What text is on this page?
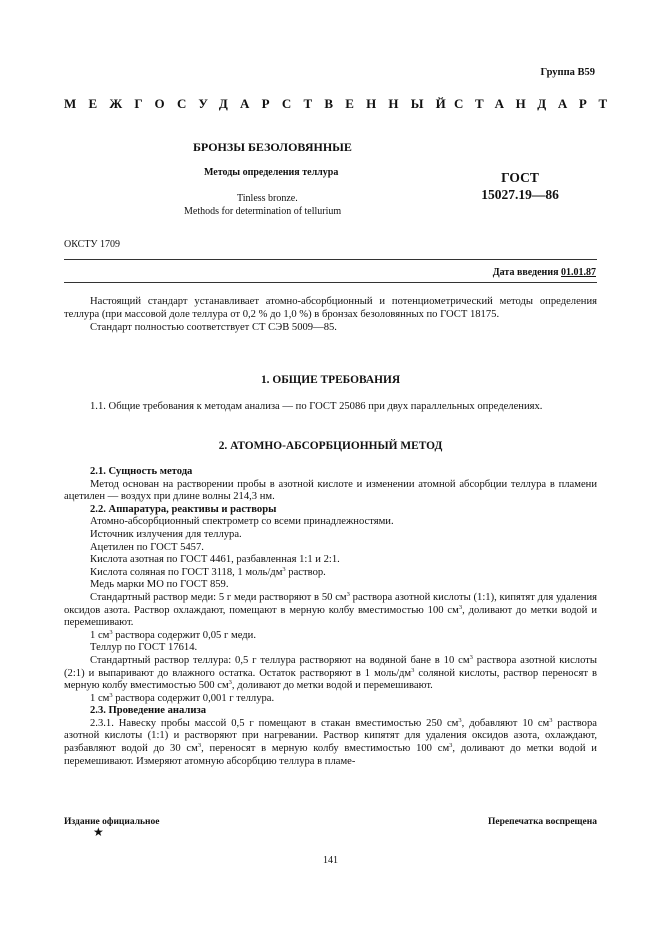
Группа В59
МЕЖГОСУДАРСТВЕННЫЙ
СТАНДАРТ
БРОНЗЫ БЕЗОЛОВЯННЫЕ
Методы определения теллура
Tinless bronze.
Methods for determination of tellurium
ГОСТ
15027.19—86
ОКСТУ 1709
Дата введения 01.01.87

Настоящий стандарт устанавливает атомно-абсорбционный и потенциометрический методы определения теллура (при массовой доле теллура от 0,2 % до 1,0 %) в бронзах безоловянных по ГОСТ 18175.

Стандарт полностью соответствует СТ СЭВ 5009—85.

1. ОБЩИЕ ТРЕБОВАНИЯ

1.1. Общие требования к методам анализа — по ГОСТ 25086 при двух параллельных определениях.

2. АТОМНО-АБСОРБЦИОННЫЙ МЕТОД

2.1. Сущность метода

Метод основан на растворении пробы в азотной кислоте и изменении атомной абсорбции теллура в пламени ацетилен — воздух при длине волны 214,3 нм.

2.2. Аппаратура, реактивы и растворы

Атомно-абсорбционный спектрометр со всеми принадлежностями.

Источник излучения для теллура.

Ацетилен по ГОСТ 5457.

Кислота азотная по ГОСТ 4461, разбавленная 1:1 и 2:1.

Кислота соляная по ГОСТ 3118, 1 моль/$дм^3$ раствор.

Медь марки МО по ГОСТ 859.

Стандартный раствор меди: 5 г меди растворяют в 50 $см^3$ раствора азотной кислоты (1:1), кипятят для удаления оксидов азота. Раствор охлаждают, помещают в мерную колбу вместимостью 100 $см^3$, доливают до метки водой и перемешивают.

1 $см^3$ раствора содержит 0,05 г меди.

Теллур по ГОСТ 17614.

Стандартный раствор теллура: 0,5 г теллура растворяют на водяной бане в 10 $см^3$ раствора азотной кислоты (2:1) и выпаривают до влажного остатка. Остаток растворяют в 1 моль/$дм^3$ соляной кислоты, раствор переносят в мерную колбу вместимостью 500 $см^3$, доливают до метки водой и перемешивают.

1 $см^3$ раствора содержит 0,001 г теллура.

2.3. Проведение анализа

2.3.1. Навеску пробы массой 0,5 г помещают в стакан вместимостью 250 $см^3$, добавляют 10 $см^3$ раствора азотной кислоты (1:1) и растворяют при нагревании. Раствор кипятят для удаления оксидов азота, охлаждают, разбавляют водой до 30 $см^3$, переносят в мерную колбу вместимостью 100 $см^3$, доливают до метки водой и перемешивают. Измеряют атомную абсорбцию теллура в пламе-

Издание официальное	Перепечатка воспрещена
★
141
